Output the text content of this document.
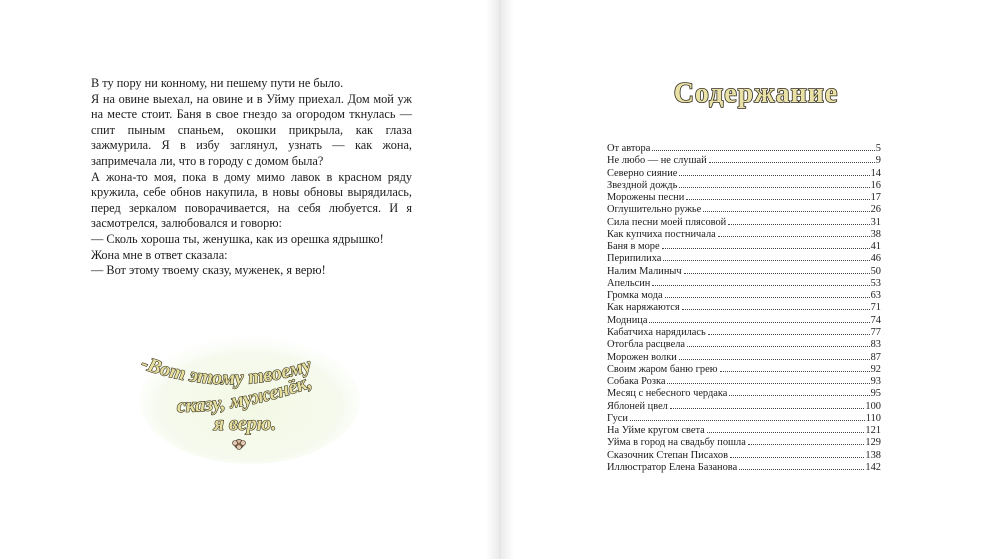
В ту пору ни конному, ни пешему пути не было.

Я на овине выехал, на овине и в Уйму приехал. Дом мой уж на месте стоит. Баня в свое гнездо за огородом ткнулась — спит пыным спаньем, окошки прикрыла, как глаза зажмурила. Я в избу заглянул, узнать — как жона, запримечала ли, что в городу с домом была?

А жона-то моя, пока в дому мимо лавок в красном ряду кружила, себе обнов накупила, в новы обновы вырядилась, перед зеркалом поворачивается, на себя любуется. И я засмотрелся, залюбовался и говорю:

— Сколь хороша ты, женушка, как из орешка ядрышко!

Жона мне в ответ сказала:

— Вот этому твоему сказу, муженек, я верю!

-Вот этому твоему
сказу, муженёк,
я верю.
Содержание
От автора	5
Не любо — не слушай	9
Северно сияние	14
Звездной дождь	16
Морожены песни	17
Оглушительно ружье	26
Сила песни моей плясовой	31
Как купчиха постничала	38
Баня в море	41
Перипилиха	46
Налим Малиныч	50
Апельсин	53
Громка мода	63
Как наряжаются	71
Модница	74
Кабатчиха нарядилась	77
Отогбла расцвела	83
Морожен волки	87
Своим жаром баню грею	92
Собака Розка	93
Месяц с небесного чердака	95
Яблоней цвел	100
Гуси	110
На Уйме кругом света	121
Уйма в город на свадьбу пошла	129
Сказочник Степан Писахов	138
Иллюстратор Елена Базанова	142
